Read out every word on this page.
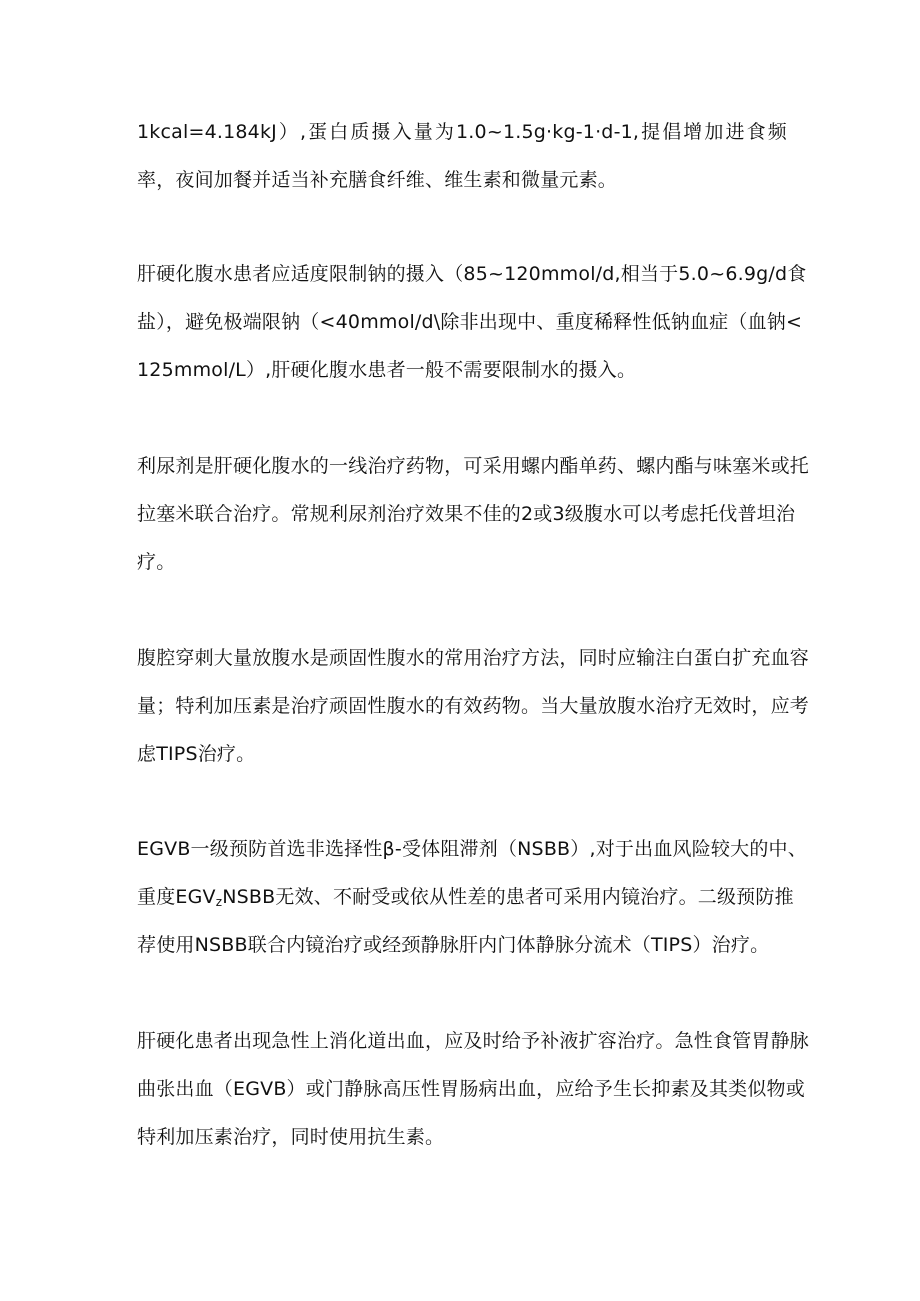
1kcal=4.184kJ）,蛋白质摄入量为1.0~1.5g·kg-1·d-1,提倡增加进食频
率，夜间加餐并适当补充膳食纤维、维生素和微量元素。
肝硬化腹水患者应适度限制钠的摄入（85~120mmol/d,相当于5.0~6.9g/d食
盐），避免极端限钠（<40mmol/d\除非出现中、重度稀释性低钠血症（血钠<
125mmol/L）,肝硬化腹水患者一般不需要限制水的摄入。
利尿剂是肝硬化腹水的一线治疗药物，可采用螺内酯单药、螺内酯与味塞米或托
拉塞米联合治疗。常规利尿剂治疗效果不佳的2或3级腹水可以考虑托伐普坦治
疗。
腹腔穿刺大量放腹水是顽固性腹水的常用治疗方法，同时应输注白蛋白扩充血容
量；特利加压素是治疗顽固性腹水的有效药物。当大量放腹水治疗无效时，应考
虑TIPS治疗。
EGVB一级预防首选非选择性β-受体阻滞剂（NSBB）,对于出血风险较大的中、
重度$EGV_zNSBB$无效、不耐受或依从性差的患者可采用内镜治疗。二级预防推
荐使用NSBB联合内镜治疗或经颈静脉肝内门体静脉分流术（TIPS）治疗。
肝硬化患者出现急性上消化道出血，应及时给予补液扩容治疗。急性食管胃静脉
曲张出血（EGVB）或门静脉高压性胃肠病出血，应给予生长抑素及其类似物或
特利加压素治疗，同时使用抗生素。
